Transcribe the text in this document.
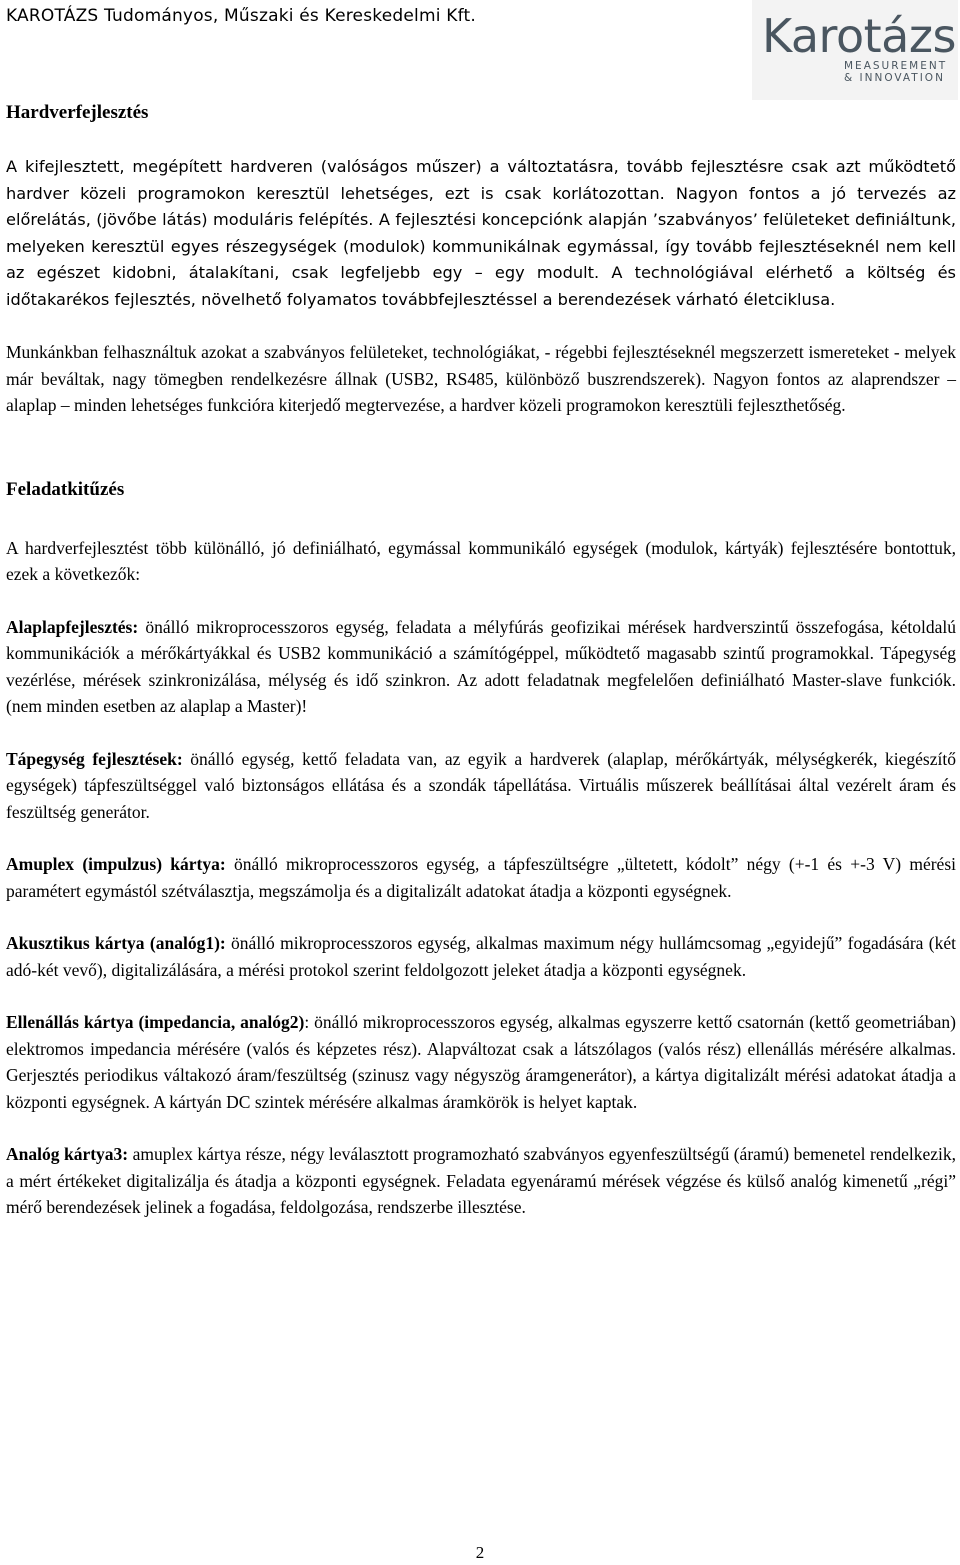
KAROTÁZS Tudományos, Műszaki és Kereskedelmi Kft.	Karotázs
MEASUREMENT
& INNOVATION
Hardverfejlesztés

A kifejlesztett, megépített hardveren (valóságos műszer) a változtatásra, tovább fejlesztésre csak azt működtető hardver közeli programokon keresztül lehetséges, ezt is csak korlátozottan. Nagyon fontos a jó tervezés az előrelátás, (jövőbe látás) moduláris felépítés. A fejlesztési koncepciónk alapján ’szabványos’ felületeket definiáltunk, melyeken keresztül egyes részegységek (modulok) kommunikálnak egymással, így tovább fejlesztéseknél nem kell az egészet kidobni, átalakítani, csak legfeljebb egy – egy modult. A technológiával elérhető a költség és időtakarékos fejlesztés, növelhető folyamatos továbbfejlesztéssel a berendezések várható életciklusa.

Munkánkban felhasználtuk azokat a szabványos felületeket, technológiákat, - régebbi fejlesztéseknél megszerzett ismereteket - melyek már beváltak, nagy tömegben rendelkezésre állnak (USB2, RS485, különböző buszrendszerek). Nagyon fontos az alaprendszer – alaplap – minden lehetséges funkcióra kiterjedő megtervezése, a hardver közeli programokon keresztüli fejleszthetőség.

Feladatkitűzés

A hardverfejlesztést több különálló, jó definiálható, egymással kommunikáló egységek (modulok, kártyák) fejlesztésére bontottuk, ezek a következők:

Alaplapfejlesztés: önálló mikroprocesszoros egység, feladata a mélyfúrás geofizikai mérések hardverszintű összefogása, kétoldalú kommunikációk a mérőkártyákkal és USB2 kommunikáció a számítógéppel, működtető magasabb szintű programokkal. Tápegység vezérlése, mérések szinkronizálása, mélység és idő szinkron. Az adott feladatnak megfelelően definiálható Master-slave funkciók. (nem minden esetben az alaplap a Master)!

Tápegység fejlesztések: önálló egység, kettő feladata van, az egyik a hardverek (alaplap, mérőkártyák, mélységkerék, kiegészítő egységek) tápfeszültséggel való biztonságos ellátása és a szondák tápellátása. Virtuális műszerek beállításai által vezérelt áram és feszültség generátor.

Amuplex (impulzus) kártya: önálló mikroprocesszoros egység, a tápfeszültségre „ültetett, kódolt” négy (+-1 és +-3 V) mérési paramétert egymástól szétválasztja, megszámolja és a digitalizált adatokat átadja a központi egységnek.

Akusztikus kártya (analóg1): önálló mikroprocesszoros egység, alkalmas maximum négy hullámcsomag „egyidejű” fogadására (két adó-két vevő), digitalizálására, a mérési protokol szerint feldolgozott jeleket átadja a központi egységnek.

Ellenállás kártya (impedancia, analóg2): önálló mikroprocesszoros egység, alkalmas egyszerre kettő csatornán (kettő geometriában) elektromos impedancia mérésére (valós és képzetes rész). Alapváltozat csak a látszólagos (valós rész) ellenállás mérésére alkalmas. Gerjesztés periodikus váltakozó áram/feszültség (szinusz vagy négyszög áramgenerátor), a kártya digitalizált mérési adatokat átadja a központi egységnek. A kártyán DC szintek mérésére alkalmas áramkörök is helyet kaptak.

Analóg kártya3: amuplex kártya része, négy leválasztott programozható szabványos egyenfeszültségű (áramú) bemenetel rendelkezik, a mért értékeket digitalizálja és átadja a központi egységnek. Feladata egyenáramú mérések végzése és külső analóg kimenetű „régi” mérő berendezések jelinek a fogadása, feldolgozása, rendszerbe illesztése.

2
